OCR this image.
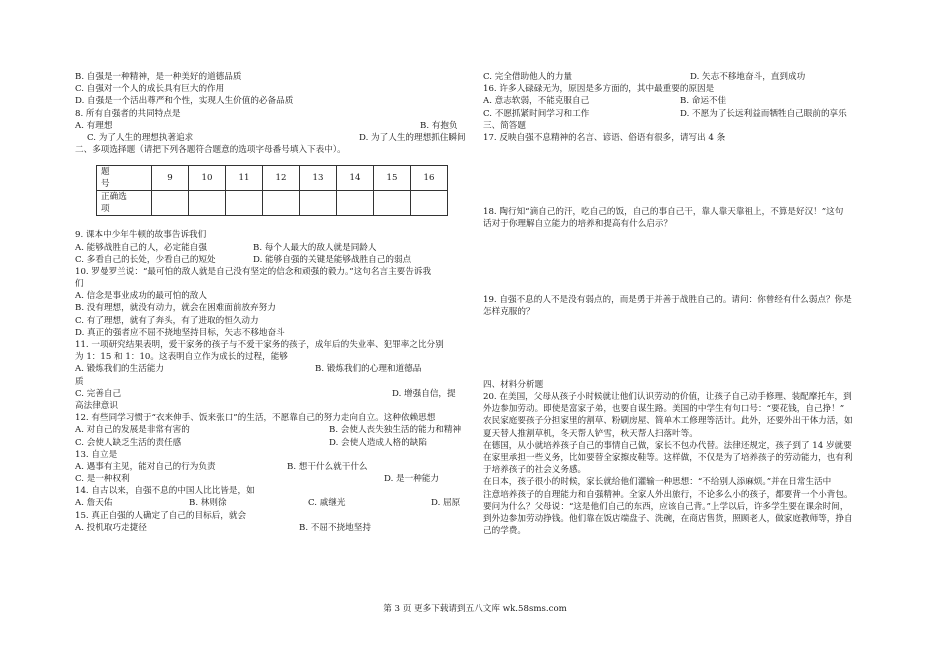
B. 自强是一种精神，是一种美好的道德品质

C. 自强对一个人的成长具有巨大的作用

D. 自强是一个活出尊严和个性，实现人生价值的必备品质

8. 所有自强者的共同特点是

A. 有理想	B. 有抱负

C. 为了人生的理想执著追求	D. 为了人生的理想抓住瞬间

二、多项选择题（请把下列各题符合题意的选项字母番号填入下表中）。

题
号	9	10	11	12	13	14	15	16
正确选
项								

9. 课本中少年牛顿的故事告诉我们

A. 能够战胜自己的人，必定能自强	B. 每个人最大的敌人就是同龄人

C. 多看自己的长处，少看自己的短处	D. 能够自强的关键是能够战胜自己的弱点

10. 罗曼罗兰说：“最可怕的敌人就是自己没有坚定的信念和顽强的毅力。”这句名言主要告诉我

们

A. 信念是事业成功的最可怕的敌人

B. 没有理想，就没有动力，就会在困难面前放弃努力

C. 有了理想，就有了奔头，有了进取的恒久动力

D. 真正的强者应不屈不挠地坚持目标，矢志不移地奋斗

11. 一项研究结果表明，爱干家务的孩子与不爱干家务的孩子，成年后的失业率、犯罪率之比分别

为 1：15 和 1：10。这表明自立作为成长的过程，能够

A. 锻炼我们的生活能力	B. 锻炼我们的心理和道德品

质

C. 完善自己	D. 增强自信，提

高法律意识

12. 有些同学习惯于“衣来伸手、饭来张口”的生活，不愿靠自己的努力走向自立。这种依赖思想

A. 对自己的发展是非常有害的	B. 会使人丧失独生活的能力和精神

C. 会使人缺乏生活的责任感	D. 会使人造成人格的缺陷

13. 自立是

A. 遇事有主见，能对自己的行为负责	B. 想干什么就干什么

C. 是一种权利	D. 是一种能力

14. 自古以来，自强不息的中国人比比皆是，如

A. 詹天佑	B. 林则徐	C. 戚继光	D. 屈原

15. 真正自强的人确定了自己的目标后，就会

A. 投机取巧走捷径	B. 不屈不挠地坚持

C. 完全借助他人的力量	D. 矢志不移地奋斗，直到成功

16. 许多人碌碌无为，原因是多方面的，其中最重要的原因是

A. 意志软弱，不能克服自己	B. 命运不佳

C. 不愿抓紧时间学习和工作	D. 不愿为了长远利益而牺牲自己眼前的享乐

三、简答题

17. 反映自强不息精神的名言、谚语、俗语有很多，请写出 4 条

18. 陶行知“滴自己的汗，吃自己的饭，自己的事自己干，靠人靠天靠祖上，不算是好汉！”这句

话对于你理解自立能力的培养和提高有什么启示？

19. 自强不息的人不是没有弱点的，而是勇于并善于战胜自己的。请问：你曾经有什么弱点？你是

怎样克服的？

四、材料分析题

20. 在美国，父母从孩子小时候就让他们认识劳动的价值，让孩子自己动手修理、装配摩托车，到

外边参加劳动。即使是富家子弟，也要自谋生路。美国的中学生有句口号：“要花钱，自己挣！”

农民家庭要孩子分担家里的割草、粉刷房屋、简单木工修理等活计。此外，还要外出干体力活，如

夏天替人推割草机，冬天帮人铲雪，秋天帮人扫落叶等。

在德国，从小就培养孩子自己的事情自己做，家长不包办代替。法律还规定，孩子到了 14 岁就要

在家里承担一些义务，比如要替全家擦皮鞋等。这样做，不仅是为了培养孩子的劳动能力，也有利

于培养孩子的社会义务感。

在日本，孩子很小的时候，家长就给他们灌输一种思想：“不给别人添麻烦。”并在日常生活中

注意培养孩子的自理能力和自强精神。全家人外出旅行，不论多么小的孩子，都要背一个小背包。

要问为什么？父母说：“这是他们自己的东西，应该自己背。”上学以后，许多学生要在课余时间，

到外边参加劳动挣钱。他们靠在饭店端盘子、洗碗，在商店售货，照顾老人，做家庭教师等，挣自

己的学费。

第 3 页 更多下载请到五八文库 wk.58sms.com
